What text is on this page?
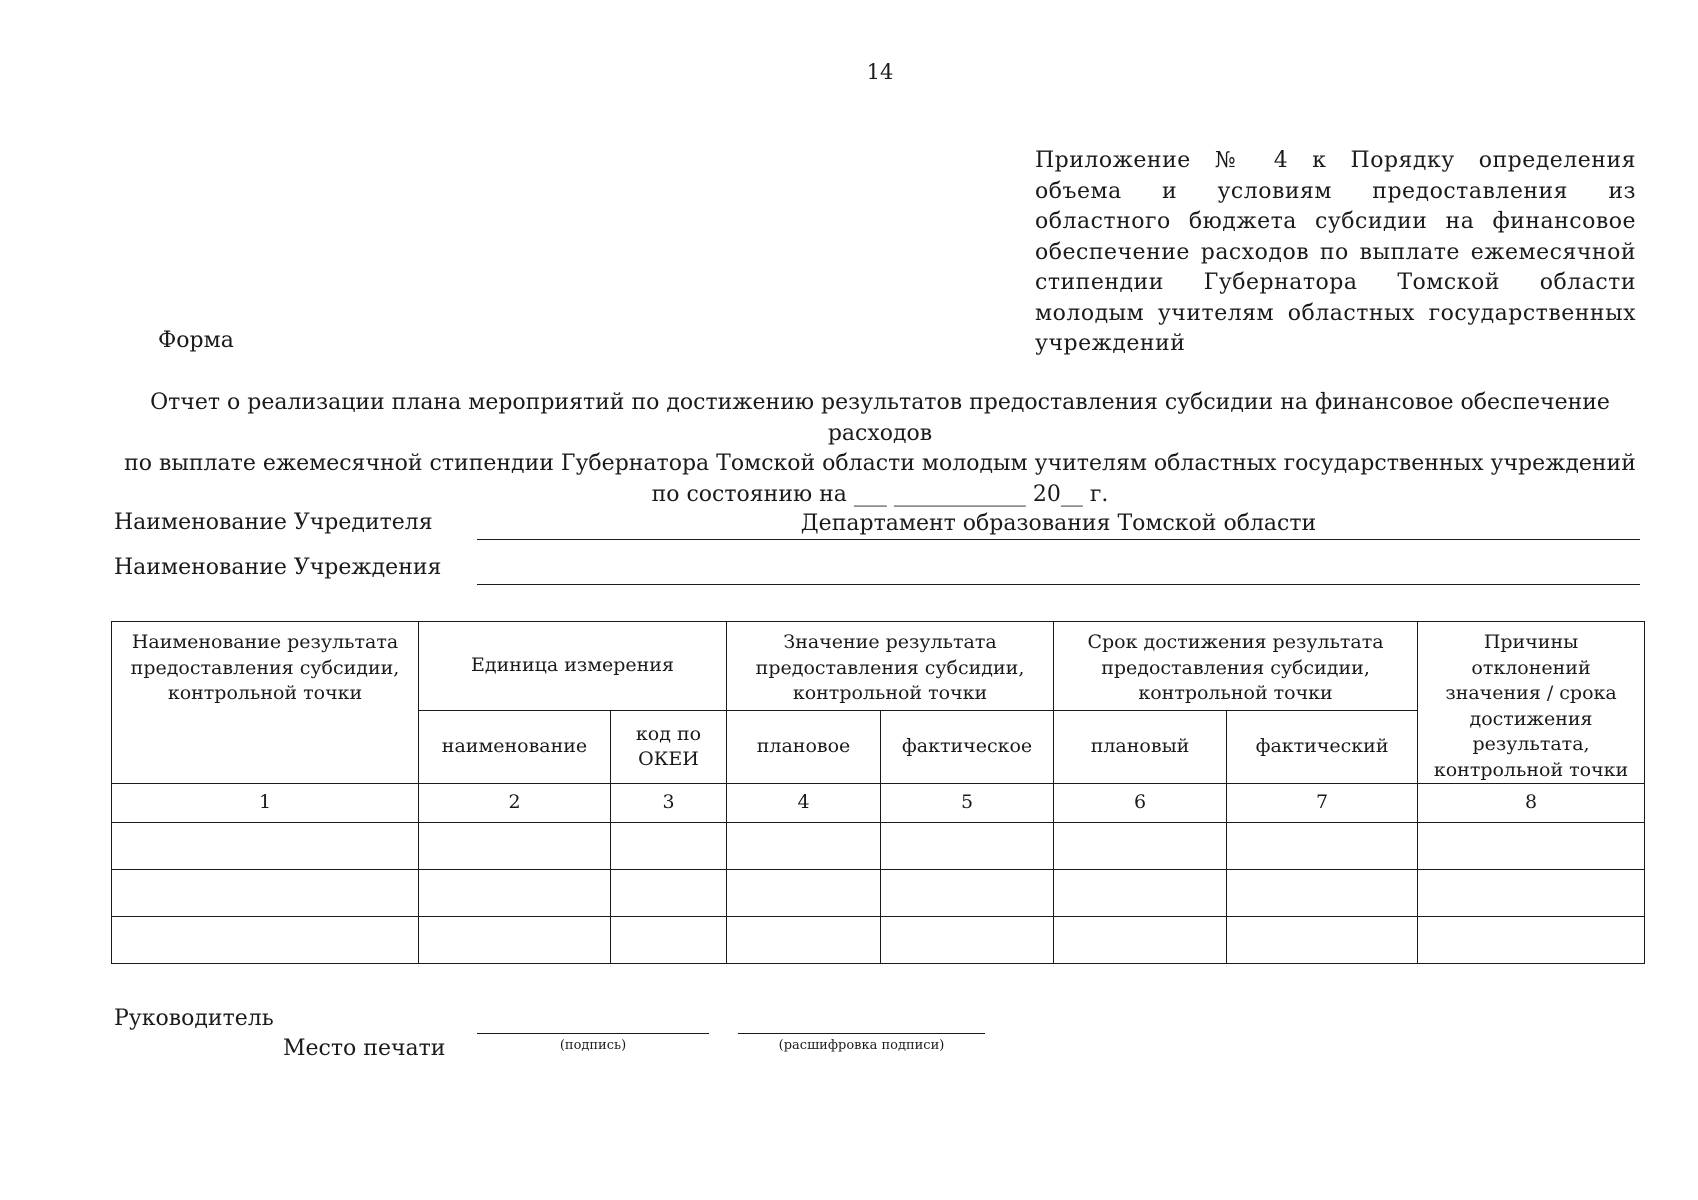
14
Приложение № 4 к Порядку определения объема и условиям предоставления из областного бюджета субсидии на финансовое обеспечение расходов по выплате ежемесячной стипендии Губернатора Томской области молодым учителям областных государственных учреждений
Форма
Отчет о реализации плана мероприятий по достижению результатов предоставления субсидии на финансовое обеспечение расходов
по выплате ежемесячной стипендии Губернатора Томской области молодым учителям областных государственных учреждений
по состоянию на ___ ____________ 20__ г.
Наименование Учредителя	Департамент образования Томской области
Наименование Учреждения
Наименование результата предоставления субсидии, контрольной точки	Единица измерения		Значение результата предоставления субсидии, контрольной точки		Срок достижения результата предоставления субсидии, контрольной точки		Причины отклонений значения / срока достижения результата, контрольной точки
	наименование	код по ОКЕИ	плановое	фактическое	плановый	фактический	
1	2	3	4	5	6	7	8

Руководитель
Место печати	(подпись)	(расшифровка подписи)
